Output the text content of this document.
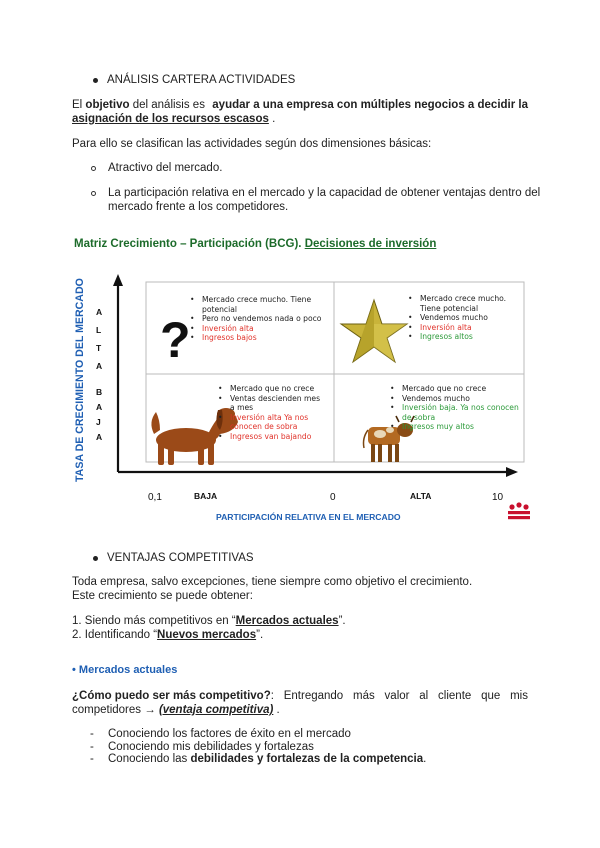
ANÁLISIS CARTERA ACTIVIDADES
El objetivo del análisis es ayudar a una empresa con múltiples negocios a decidir la
asignación de los recursos escasos .
Para ello se clasifican las actividades según dos dimensiones básicas:
Atractivo del mercado.
La participación relativa en el mercado y la capacidad de obtener ventajas dentro del
mercado frente a los competidores.
Matriz Crecimiento – Participación (BCG). Decisiones de inversión
?
A
L
T
A
B
A
J
A
TASA DE CRECIMIENTO DEL MERCADO
0,1	BAJA	0	ALTA	10
PARTICIPACIÓN RELATIVA EN EL MERCADO
• Mercado crece mucho. Tiene
potencial
• Pero no vendemos nada o poco
• Inversión alta
• Ingresos bajos
• Mercado crece mucho.
Tiene potencial
• Vendemos mucho
• Inversión alta
• Ingresos altos
• Mercado que no crece
• Ventas descienden mes
a mes
• Inversión alta Ya nos
conocen de sobra
• Ingresos van bajando
• Mercado que no crece
• Vendemos mucho
• Inversión baja. Ya nos conocen
de sobra
• Ingresos muy altos
VENTAJAS COMPETITIVAS
Toda empresa, salvo excepciones, tiene siempre como objetivo el crecimiento.
Este crecimiento se puede obtener:
1. Siendo más competitivos en “Mercados actuales”.
2. Identificando “Nuevos mercados”.
• Mercados actuales
¿Cómo puedo ser más competitivo? : Entregando más valor al cliente que mis
competidores → (ventaja competitiva) .
- Conociendo los factores de éxito en el mercado
- Conociendo mis debilidades y fortalezas
- Conociendo las debilidades y fortalezas de la competencia.
